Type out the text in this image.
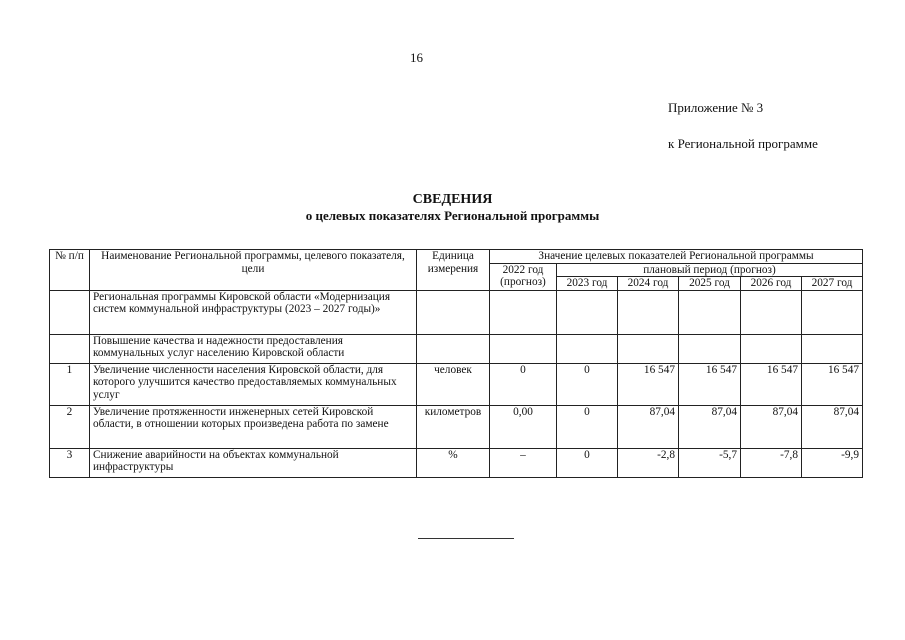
16
Приложение № 3
к Региональной программе
СВЕДЕНИЯ
о целевых показателях Региональной программы
№ п/п	Наименование Региональной программы, целевого показателя, цели	Единица измерения	Значение целевых показателей Региональной программы					
			2022 год (прогноз)	плановый период (прогноз)				
				2023 год	2024 год	2025 год	2026 год	2027 год
	Региональная программы Кировской области «Модернизация систем коммунальной инфраструктуры (2023 – 2027 годы)»							
	Повышение качества и надежности предоставления коммунальных услуг населению Кировской области							
1	Увеличение численности населения Кировской области, для которого улучшится качество предоставляемых коммунальных услуг	человек	0	0	16 547	16 547	16 547	16 547
2	Увеличение протяженности инженерных сетей Кировской области, в отношении которых произведена работа по замене	километров	0,00	0	87,04	87,04	87,04	87,04
3	Снижение аварийности на объектах коммунальной инфраструктуры	%	–	0	-2,8	-5,7	-7,8	-9,9
